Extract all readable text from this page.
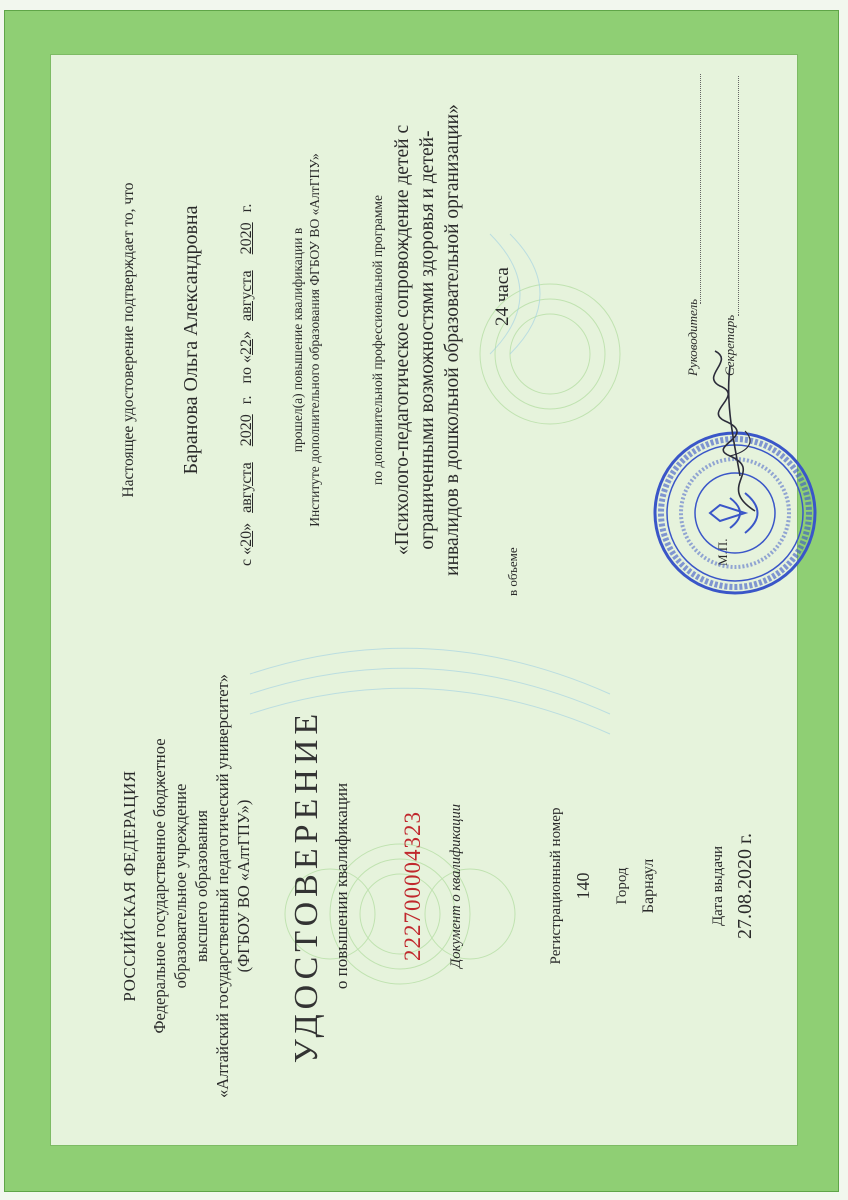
РОССИЙСКАЯ ФЕДЕРАЦИЯ Федеральное государственное бюджетное образовательное учреждение высшего образования «Алтайский государственный педагогический университет» (ФГБОУ ВО «АлтГПУ») УДОСТОВЕРЕНИЕ о повышении квалификации 222700004323 Документ о квалификации	Регистрационный номер 140 Город Барнаул	Дата выдачи 27.08.2020 г.
Настоящее удостоверение подтверждает то, что Баранова Ольга Александровна
с «20» августа 2020 г.   по «22» августа 2020 г.
прошел(а) повышение квалификации в Институте дополнительного образования ФГБОУ ВО «АлтГПУ»	по дополнительной профессиональной программе «Психолого-педагогическое сопровождение детей с ограниченными возможностями здоровья и детей- инвалидов в дошкольной образовательной организации»	в объеме
24 часа
Руководитель Секретарь
М.П.
